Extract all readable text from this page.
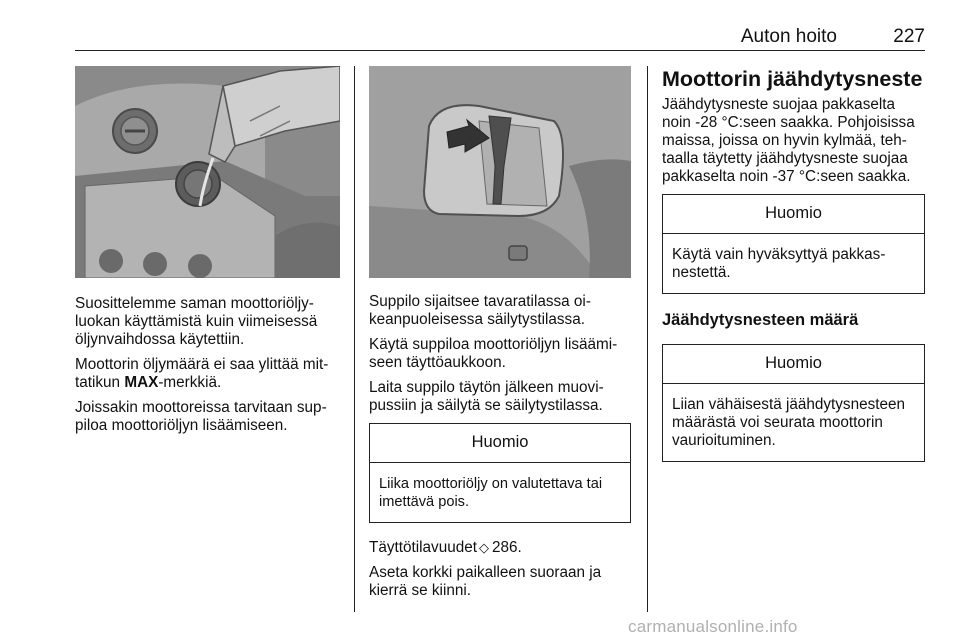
Auton hoito	227

Suosittelemme saman moottoriöljyluokan käyttämistä kuin viimeisessä öljynvaihdossa käytettiin.

Moottorin öljymäärä ei saa ylittää mittatikun MAX-merkkiä.

Joissakin moottoreissa tarvitaan suppiloa moottoriöljyn lisäämiseen.

Suppilo sijaitsee tavaratilassa oikeanpuoleisessa säilytystilassa.

Käytä suppiloa moottoriöljyn lisäämiseen täyttöaukkoon.

Laita suppilo täytön jälkeen muovipussiin ja säilytä se säilytystilassa.

Huomio
Liika moottoriöljy on valutettava tai imettävä pois.

Täyttötilavuudet ◇ 286.

Aseta korkki paikalleen suoraan ja kierrä se kiinni.

Moottorin jäähdytysneste

Jäähdytysneste suojaa pakkaselta noin -28 °C:seen saakka. Pohjoisissa maissa, joissa on hyvin kylmää, tehtaalla täytetty jäähdytysneste suojaa pakkaselta noin -37 °C:seen saakka.

Huomio
Käytä vain hyväksyttyä pakkasnestettä.
Jäähdytysnesteen määrä
Huomio
Liian vähäisestä jäähdytysnesteen määrästä voi seurata moottorin vaurioituminen.
carmanualsonline.info
